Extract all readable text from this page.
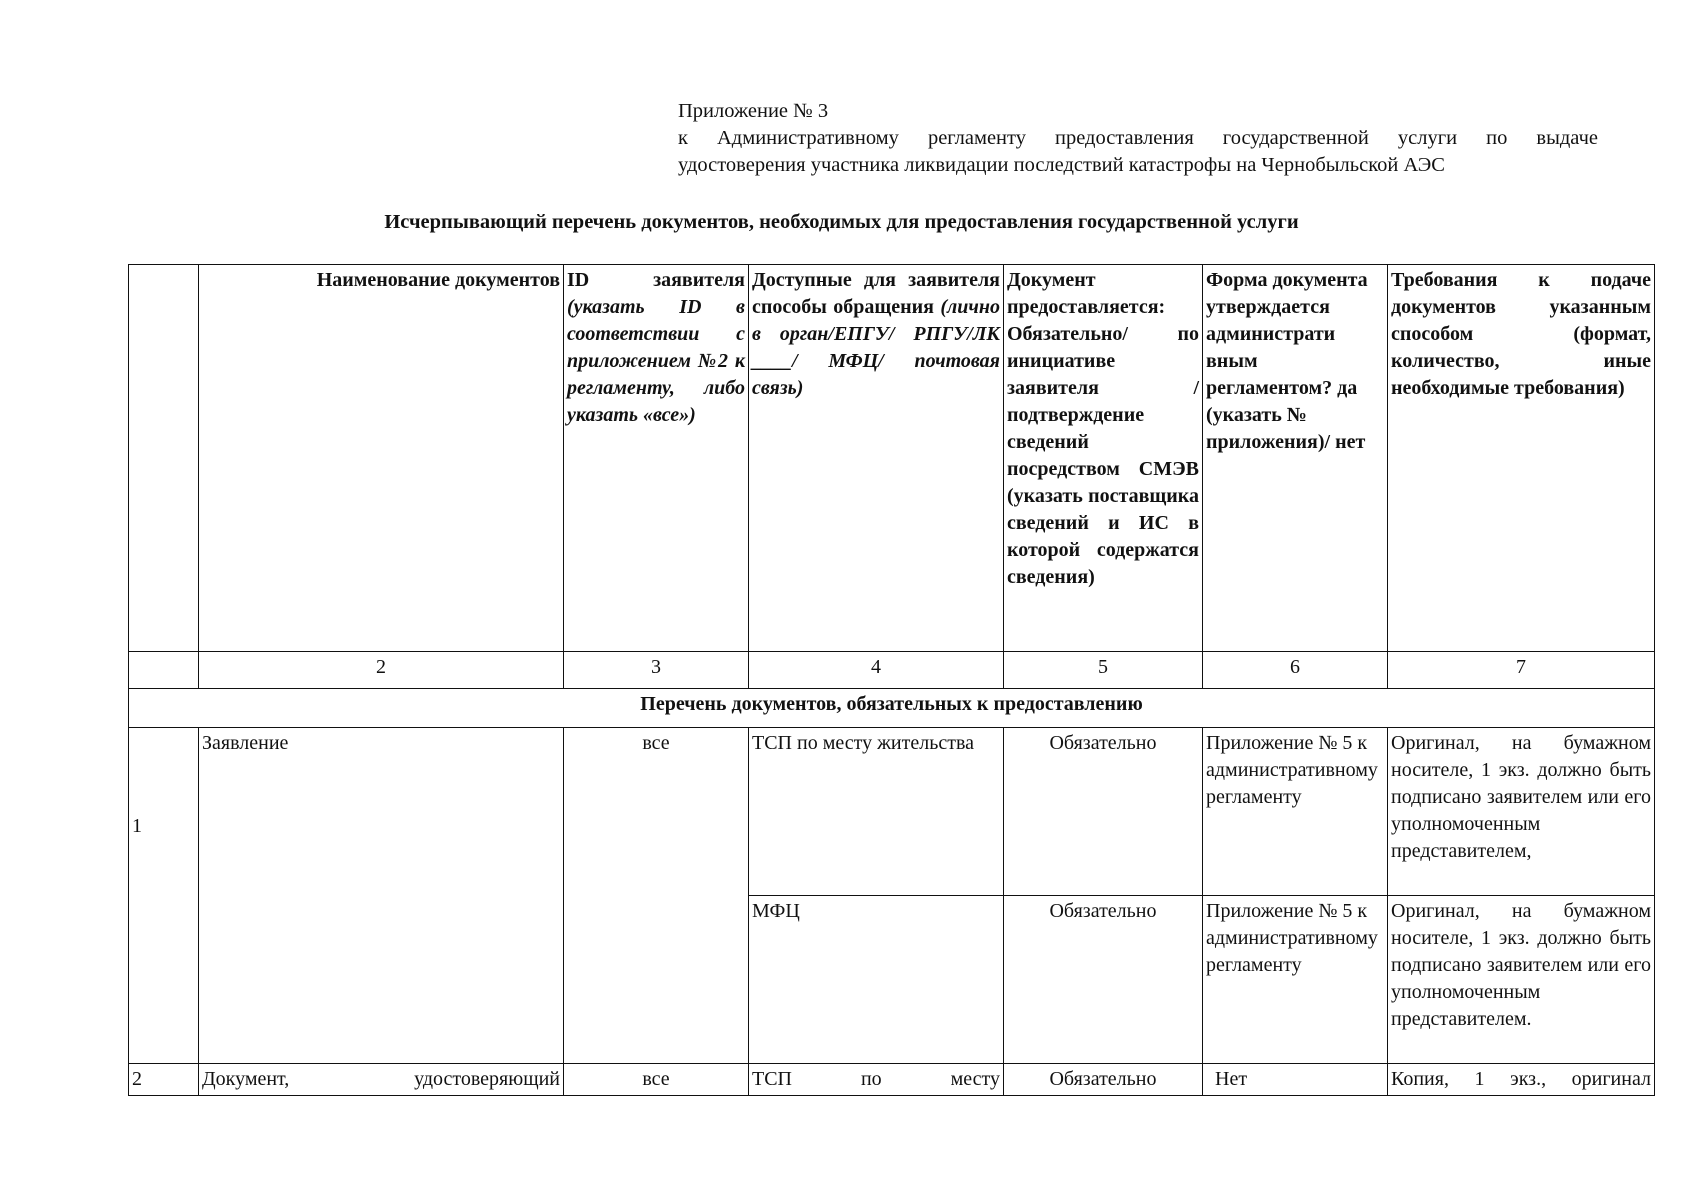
Приложение № 3
к Административному регламенту предоставления государственной услуги по выдаче
удостоверения участника ликвидации последствий катастрофы на Чернобыльской АЭС
Исчерпывающий перечень документов, необходимых для предоставления государственной услуги
	Наименование документов	ID заявителя (указать ID в соответствии с приложением №2 к регламенту, либо указать «все»)	Доступные для заявителя способы обращения (лично в орган/ЕПГУ/ РПГУ/ЛК ____/ МФЦ/ почтовая связь)	Документ предоставляется: Обязательно/ по инициативе заявителя /подтверждение сведений посредством СМЭВ (указать поставщика сведений и ИС в которой содержатся сведения)	Форма документа утверждается администрати вным регламентом? да (указать № приложения)/ нет	Требования к подаче документов указанным способом (формат, количество, иные необходимые требования)
	2	3	4	5	6	7
Перечень документов, обязательных к предоставлению						
1	Заявление	все	ТСП по месту жительства	Обязательно	Приложение № 5 к административному регламенту	Оригинал, на бумажном носителе, 1 экз. должно быть подписано заявителем или его уполномоченным представителем,
			МФЦ	Обязательно	Приложение № 5 к административному регламенту	Оригинал, на бумажном носителе, 1 экз. должно быть подписано заявителем или его уполномоченным представителем.
2	Документ, удостоверяющий	все	ТСП по месту	Обязательно	Нет	Копия, 1 экз., оригинал
